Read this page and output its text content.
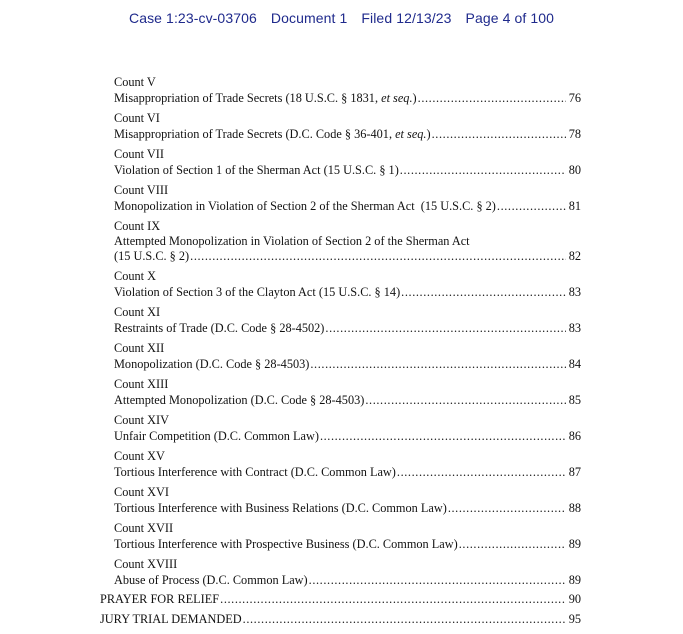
Case 1:23-cv-03706 Document 1 Filed 12/13/23 Page 4 of 100
Count V
Misappropriation of Trade Secrets (18 U.S.C. § 1831, et seq.) .....	76
Count VI
Misappropriation of Trade Secrets (D.C. Code § 36-401, et seq.) .....	78
Count VII
Violation of Section 1 of the Sherman Act (15 U.S.C. § 1) .....	80
Count VIII
Monopolization in Violation of Section 2 of the Sherman Act  (15 U.S.C. § 2) .....	81
Count IX
Attempted Monopolization in Violation of Section 2 of the Sherman Act
(15 U.S.C. § 2) .....	82
Count X
Violation of Section 3 of the Clayton Act (15 U.S.C. § 14) .....	83
Count XI
Restraints of Trade (D.C. Code § 28-4502) .....	83
Count XII
Monopolization (D.C. Code § 28-4503) .....	84
Count XIII
Attempted Monopolization (D.C. Code § 28-4503) .....	85
Count XIV
Unfair Competition (D.C. Common Law) .....	86
Count XV
Tortious Interference with Contract (D.C. Common Law) .....	87
Count XVI
Tortious Interference with Business Relations (D.C. Common Law) .....	88
Count XVII
Tortious Interference with Prospective Business (D.C. Common Law) .....	89
Count XVIII
Abuse of Process (D.C. Common Law) .....	89
PRAYER FOR RELIEF .....	90
JURY TRIAL DEMANDED .....	95
